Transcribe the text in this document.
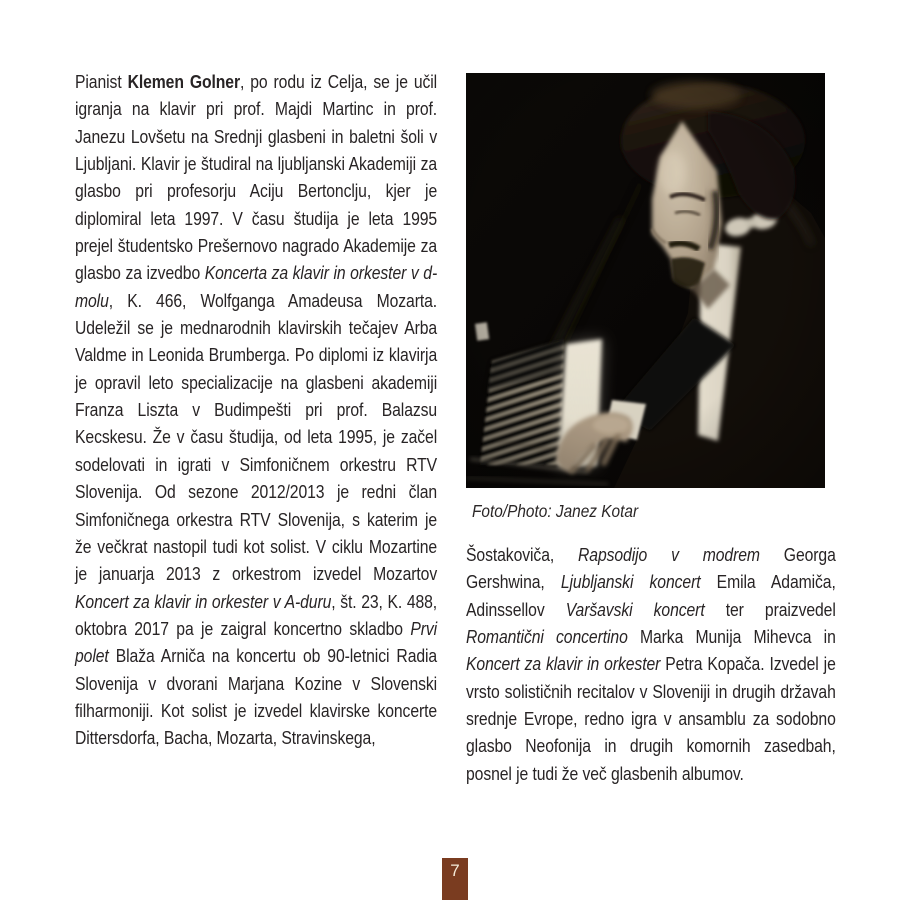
Pianist Klemen Golner, po rodu iz Celja, se je učil igranja na klavir pri prof. Majdi Martinc in prof. Janezu Lovšetu na Srednji glasbeni in baletni šoli v Ljubljani. Klavir je študiral na ljubljanski Akademiji za glasbo pri profesorju Aciju Bertonclju, kjer je diplomiral leta 1997. V času študija je leta 1995 prejel študentsko Prešernovo nagrado Akademije za glasbo za izvedbo Koncerta za klavir in orkester v d-molu, K. 466, Wolfganga Amadeusa Mozarta. Udeležil se je mednarodnih klavirskih tečajev Arba Valdme in Leonida Brumberga. Po diplomi iz klavirja je opravil leto specializacije na glasbeni akademiji Franza Liszta v Budimpešti pri prof. Balazsu Kecskesu. Že v času študija, od leta 1995, je začel sodelovati in igrati v Simfoničnem orkestru RTV Slovenija. Od sezone 2012/2013 je redni član Simfoničnega orkestra RTV Slovenija, s katerim je že večkrat nastopil tudi kot solist. V ciklu Mozartine je januarja 2013 z orkestrom izvedel Mozartov Koncert za klavir in orkester v A-duru, št. 23, K. 488, oktobra 2017 pa je zaigral koncertno skladbo Prvi polet Blaža Arniča na koncertu ob 90-letnici Radia Slovenija v dvorani Marjana Kozine v Slovenski filharmoniji. Kot solist je izvedel klavirske koncerte Dittersdorfa, Bacha, Mozarta, Stravinskega,
Foto/Photo: Janez Kotar
Šostakoviča, Rapsodijo v modrem Georga Gershwina, Ljubljanski koncert Emila Adamiča, Adinssellov Varšavski koncert ter praizvedel Romantični concertino Marka Munija Mihevca in Koncert za klavir in orkester Petra Kopača. Izvedel je vrsto solističnih recitalov v Sloveniji in drugih državah srednje Evrope, redno igra v ansamblu za sodobno glasbo Neofonija in drugih komornih zasedbah, posnel je tudi že več glasbenih albumov.
7
